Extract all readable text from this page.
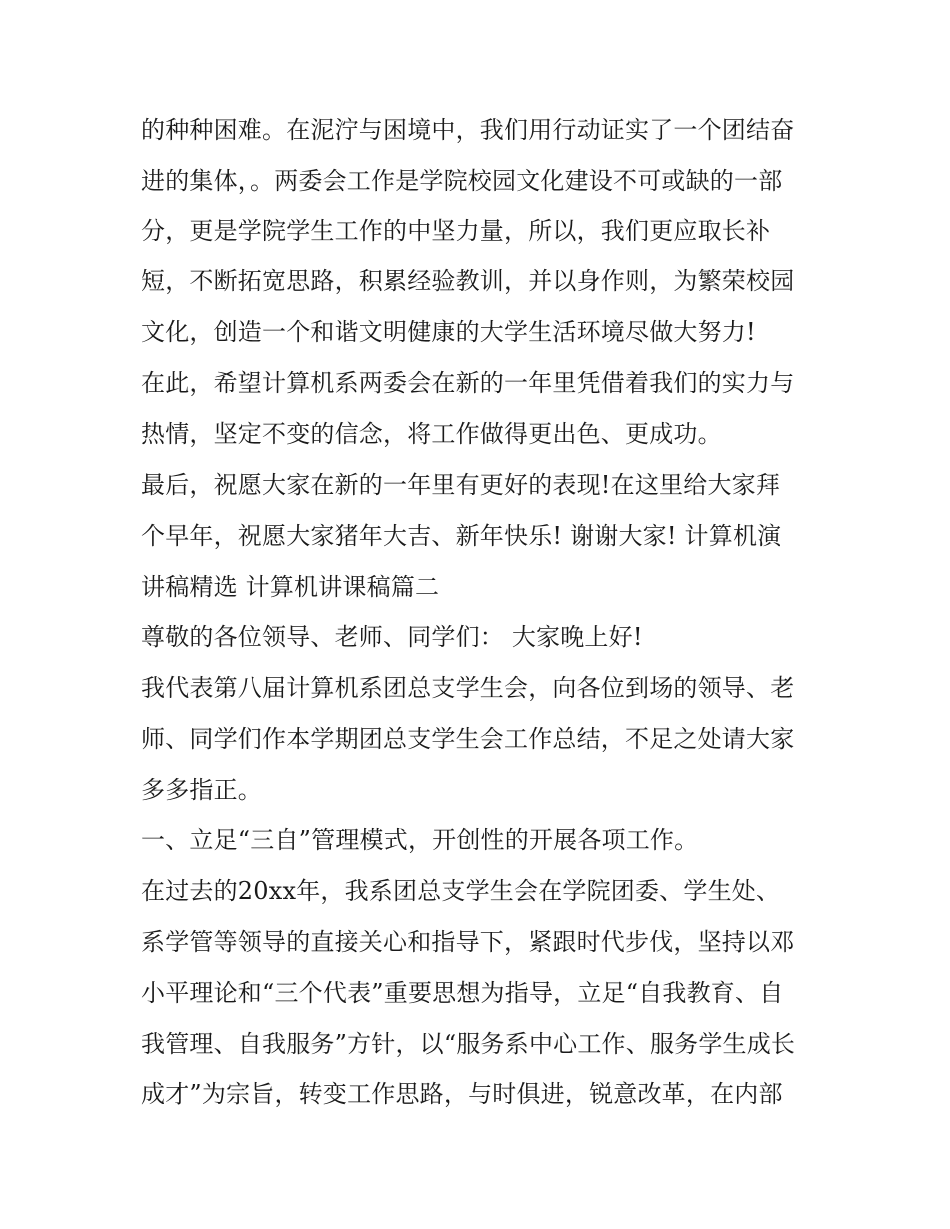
的种种困难。在泥泞与困境中，我们用行动证实了一个团结奋
进的集体，。两委会工作是学院校园文化建设不可或缺的一部
分，更是学院学生工作的中坚力量，所以，我们更应取长补
短，不断拓宽思路，积累经验教训，并以身作则，为繁荣校园
文化，创造一个和谐文明健康的大学生活环境尽做大努力!
在此，希望计算机系两委会在新的一年里凭借着我们的实力与
热情，坚定不变的信念，将工作做得更出色、更成功。
最后，祝愿大家在新的一年里有更好的表现!在这里给大家拜
个早年，祝愿大家猪年大吉、新年快乐! 谢谢大家! 计算机演
讲稿精选 计算机讲课稿篇二
尊敬的各位领导、老师、同学们： 大家晚上好!
我代表第八届计算机系团总支学生会，向各位到场的领导、老
师、同学们作本学期团总支学生会工作总结，不足之处请大家
多多指正。
一、立足“三自”管理模式，开创性的开展各项工作。
在过去的20xx年，我系团总支学生会在学院团委、学生处、
系学管等领导的直接关心和指导下，紧跟时代步伐，坚持以邓
小平理论和“三个代表”重要思想为指导，立足“自我教育、自
我管理、自我服务”方针，以“服务系中心工作、服务学生成长
成才”为宗旨，转变工作思路，与时俱进，锐意改革，在内部
